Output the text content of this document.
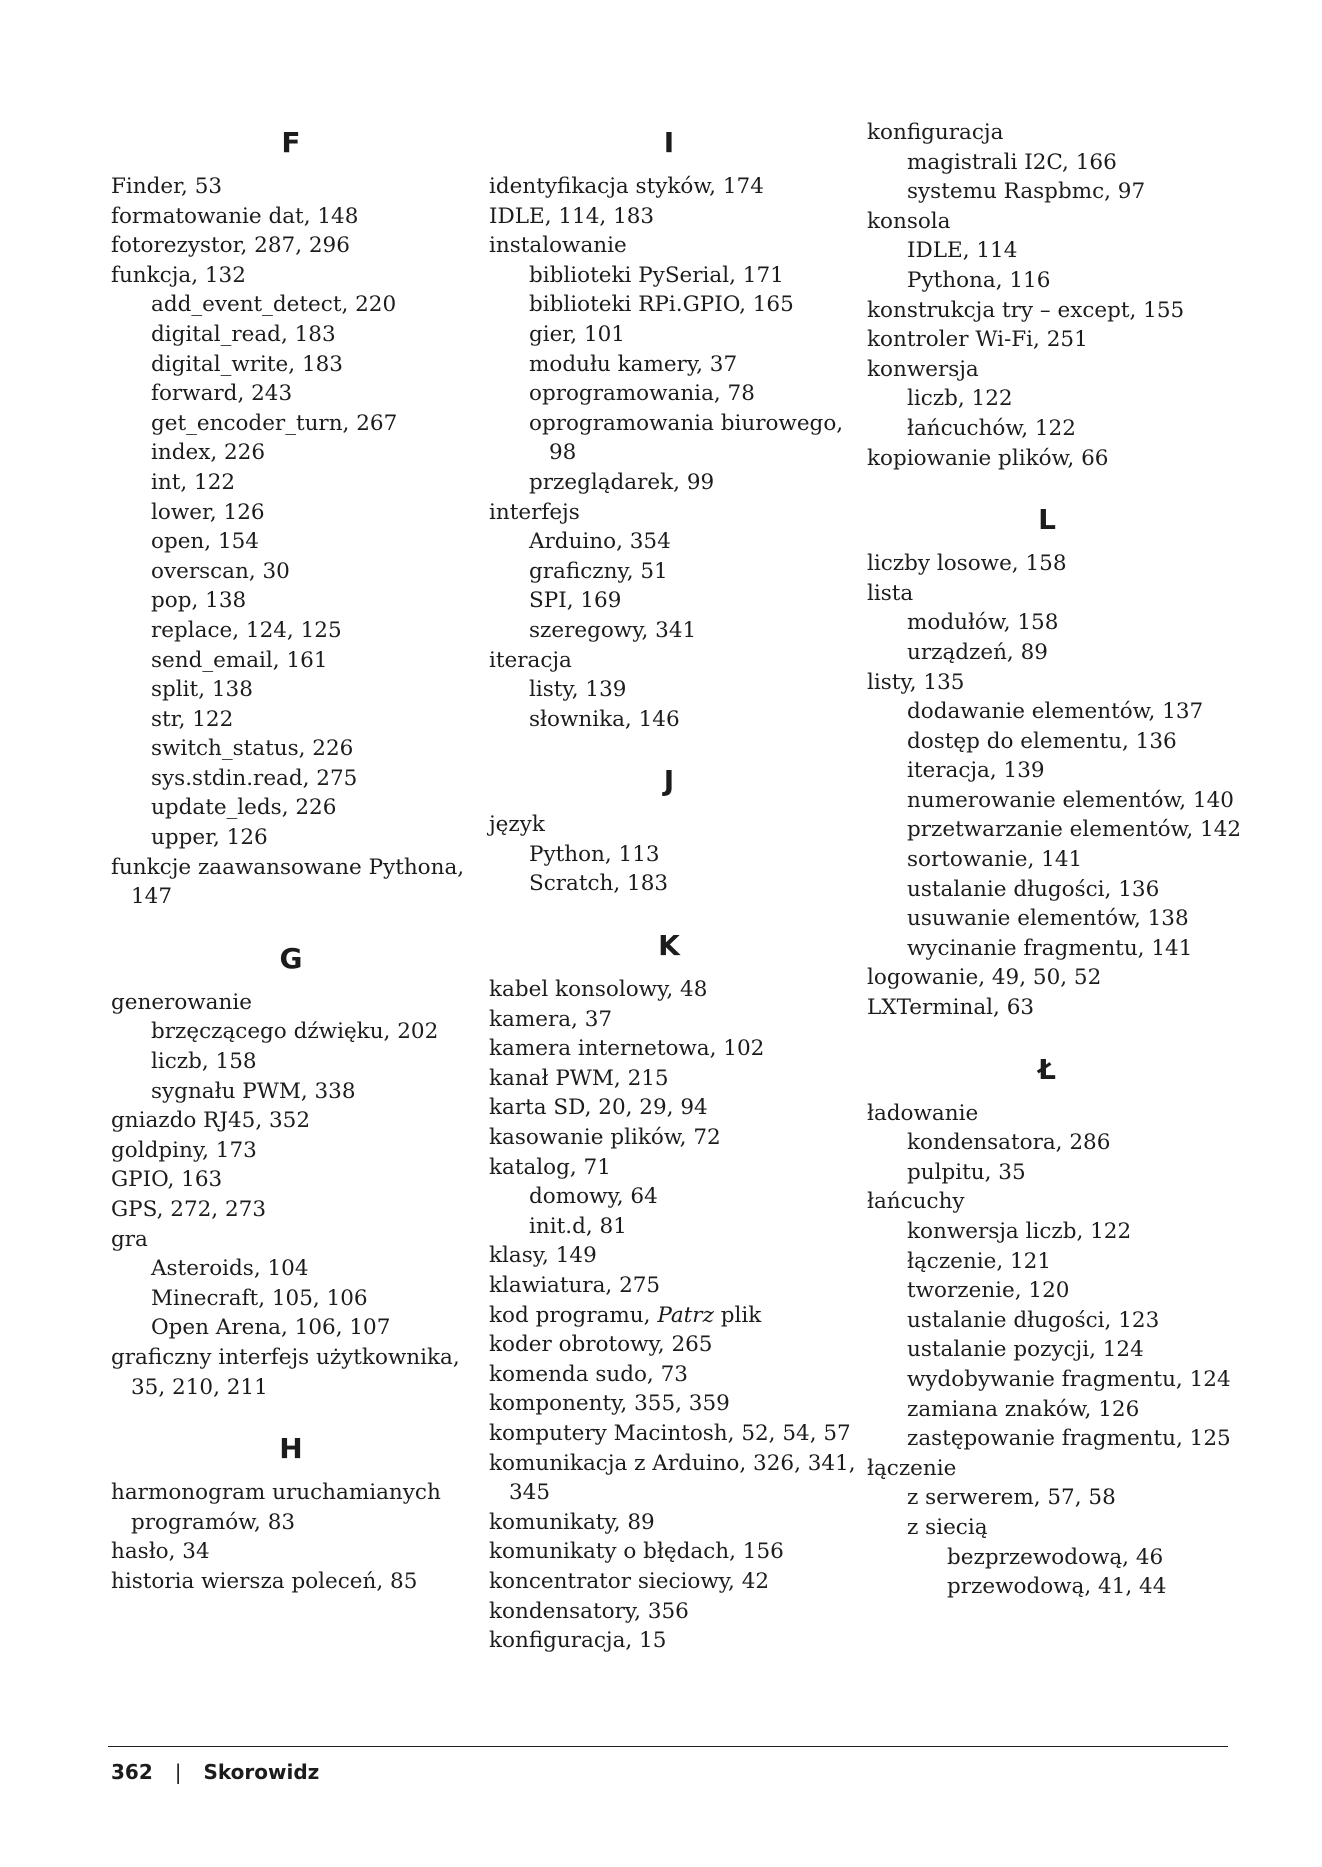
F
Finder, 53
formatowanie dat, 148
fotorezystor, 287, 296
funkcja, 132
add_event_detect, 220
digital_read, 183
digital_write, 183
forward, 243
get_encoder_turn, 267
index, 226
int, 122
lower, 126
open, 154
overscan, 30
pop, 138
replace, 124, 125
send_email, 161
split, 138
str, 122
switch_status, 226
sys.stdin.read, 275
update_leds, 226
upper, 126
funkcje zaawansowane Pythona,
147
G
generowanie
brzęczącego dźwięku, 202
liczb, 158
sygnału PWM, 338
gniazdo RJ45, 352
goldpiny, 173
GPIO, 163
GPS, 272, 273
gra
Asteroids, 104
Minecraft, 105, 106
Open Arena, 106, 107
graficzny interfejs użytkownika,
35, 210, 211
H
harmonogram uruchamianych
programów, 83
hasło, 34
historia wiersza poleceń, 85
I
identyfikacja styków, 174
IDLE, 114, 183
instalowanie
biblioteki PySerial, 171
biblioteki RPi.GPIO, 165
gier, 101
modułu kamery, 37
oprogramowania, 78
oprogramowania biurowego,
98
przeglądarek, 99
interfejs
Arduino, 354
graficzny, 51
SPI, 169
szeregowy, 341
iteracja
listy, 139
słownika, 146
J
język
Python, 113
Scratch, 183
K
kabel konsolowy, 48
kamera, 37
kamera internetowa, 102
kanał PWM, 215
karta SD, 20, 29, 94
kasowanie plików, 72
katalog, 71
domowy, 64
init.d, 81
klasy, 149
klawiatura, 275
kod programu, Patrz plik
koder obrotowy, 265
komenda sudo, 73
komponenty, 355, 359
komputery Macintosh, 52, 54, 57
komunikacja z Arduino, 326, 341,
345
komunikaty, 89
komunikaty o błędach, 156
koncentrator sieciowy, 42
kondensatory, 356
konfiguracja, 15
konfiguracja
magistrali I2C, 166
systemu Raspbmc, 97
konsola
IDLE, 114
Pythona, 116
konstrukcja try – except, 155
kontroler Wi-Fi, 251
konwersja
liczb, 122
łańcuchów, 122
kopiowanie plików, 66
L
liczby losowe, 158
lista
modułów, 158
urządzeń, 89
listy, 135
dodawanie elementów, 137
dostęp do elementu, 136
iteracja, 139
numerowanie elementów, 140
przetwarzanie elementów, 142
sortowanie, 141
ustalanie długości, 136
usuwanie elementów, 138
wycinanie fragmentu, 141
logowanie, 49, 50, 52
LXTerminal, 63
Ł
ładowanie
kondensatora, 286
pulpitu, 35
łańcuchy
konwersja liczb, 122
łączenie, 121
tworzenie, 120
ustalanie długości, 123
ustalanie pozycji, 124
wydobywanie fragmentu, 124
zamiana znaków, 126
zastępowanie fragmentu, 125
łączenie
z serwerem, 57, 58
z siecią
bezprzewodową, 46
przewodową, 41, 44
362 | Skorowidz
